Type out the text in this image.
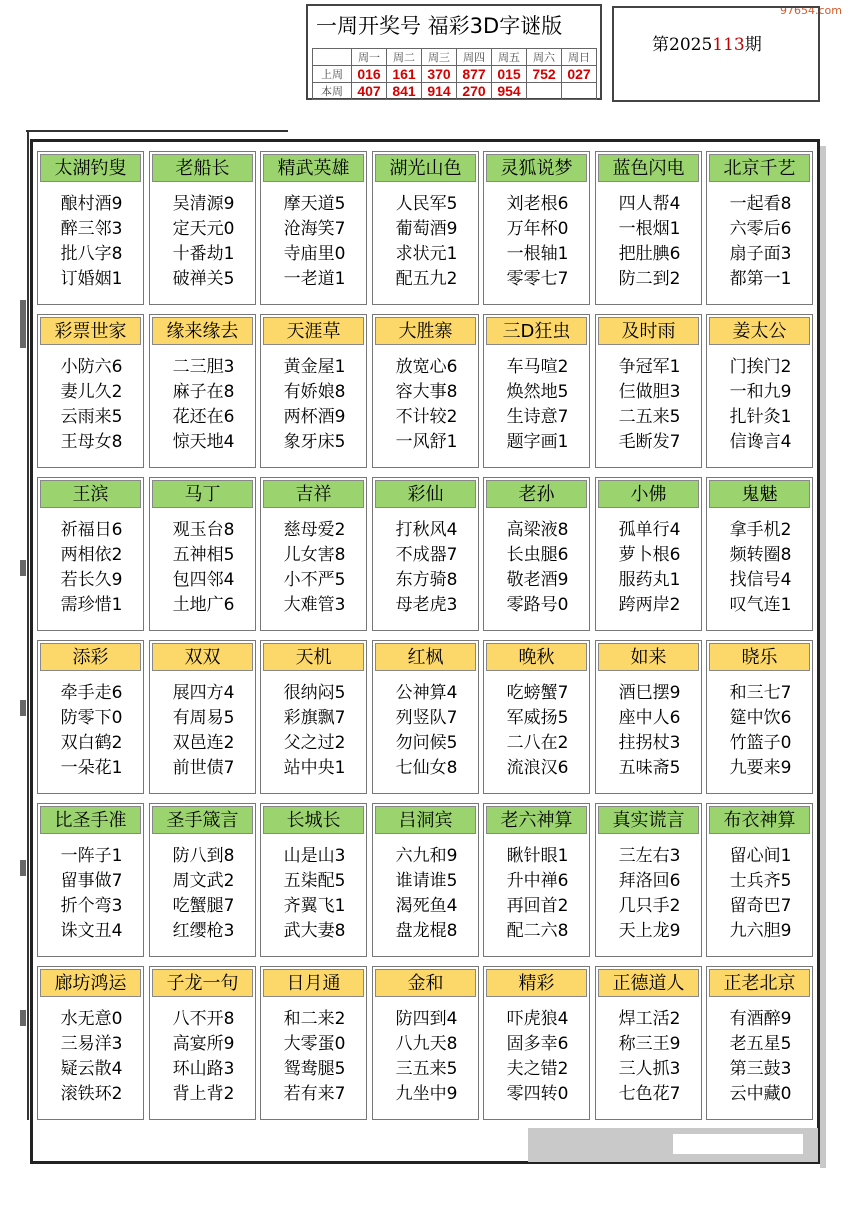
97654.com
一周开奖号 福彩3D字谜版
	周一	周二	周三	周四	周五	周六	周日
上周	016	161	370	877	015	752	027
本周	407	841	914	270	954		
第2025113期
太湖钓叟
酿村酒9
醉三邻3
批八字8
订婚姻1
老船长
吴清源9
定天元0
十番劫1
破禅关5
精武英雄
摩天道5
沧海笑7
寺庙里0
一老道1
湖光山色
人民军5
葡萄酒9
求状元1
配五九2
灵狐说梦
刘老根6
万年杯0
一根轴1
零零七7
蓝色闪电
四人帮4
一根烟1
把肚腆6
防二到2
北京千艺
一起看8
六零后6
扇子面3
都第一1
彩票世家
小防六6
妻儿久2
云雨来5
王母女8
缘来缘去
二三胆3
麻子在8
花还在6
惊天地4
天涯草
黄金屋1
有娇娘8
两杯酒9
象牙床5
大胜寨
放宽心6
容大事8
不计较2
一风舒1
三D狂虫
车马喧2
焕然地5
生诗意7
题字画1
及时雨
争冠军1
仨做胆3
二五来5
毛断发7
姜太公
门挨门2
一和九9
扎针灸1
信谗言4
王滨
祈福日6
两相依2
若长久9
需珍惜1
马丁
观玉台8
五神相5
包四邻4
土地广6
吉祥
慈母爱2
儿女害8
小不严5
大难管3
彩仙
打秋风4
不成器7
东方骑8
母老虎3
老孙
高梁液8
长虫腿6
敬老酒9
零路号0
小佛
孤单行4
萝卜根6
服药丸1
跨两岸2
鬼魅
拿手机2
频转圈8
找信号4
叹气连1
添彩
牵手走6
防零下0
双白鹤2
一朵花1
双双
展四方4
有周易5
双邑连2
前世债7
天机
很纳闷5
彩旗飘7
父之过2
站中央1
红枫
公神算4
列竖队7
勿问候5
七仙女8
晚秋
吃螃蟹7
军威扬5
二八在2
流浪汉6
如来
酒巳摆9
座中人6
拄拐杖3
五味斋5
晓乐
和三七7
筵中饮6
竹篮子0
九要来9
比圣手准
一阵子1
留事做7
折个弯3
诛文丑4
圣手箴言
防八到8
周文武2
吃蟹腿7
红缨枪3
长城长
山是山3
五柒配5
齐翼飞1
武大妻8
吕洞宾
六九和9
谁请谁5
渴死鱼4
盘龙棍8
老六神算
瞅针眼1
升中禅6
再回首2
配二六8
真实谎言
三左右3
拜洛回6
几只手2
天上龙9
布衣神算
留心间1
士兵齐5
留奇巴7
九六胆9
廊坊鸿运
水无意0
三易洋3
疑云散4
滚铁环2
子龙一句
八不开8
高宴所9
环山路3
背上背2
日月通
和二来2
大零蛋0
鸳鸯腿5
若有来7
金和
防四到4
八九天8
三五来5
九坐中9
精彩
吓虎狼4
固多幸6
夫之错2
零四转0
正德道人
焊工活2
称三王9
三人抓3
七色花7
正老北京
有酒醉9
老五星5
第三鼓3
云中藏0
